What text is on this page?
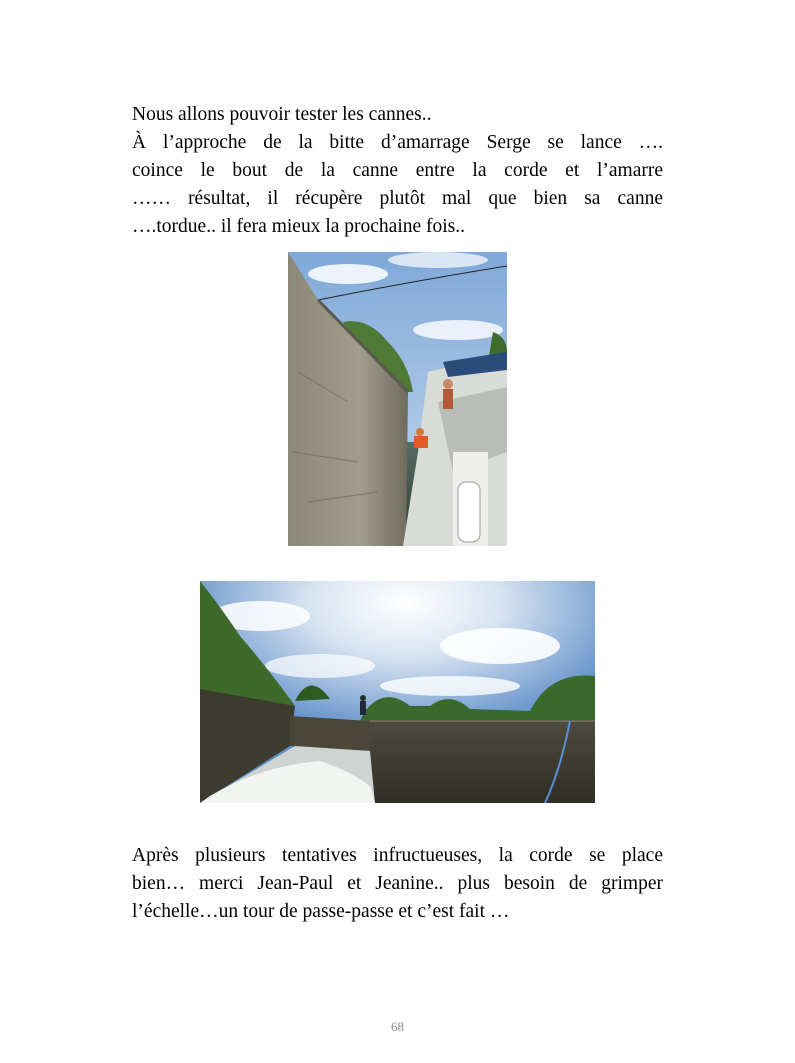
Nous allons pouvoir tester les cannes..
À l’approche de la bitte d’amarrage Serge se lance ….
coince le bout de la canne entre la corde et l’amarre
…… résultat, il récupère plutôt mal que bien sa canne
….tordue.. il fera mieux la prochaine fois..
Après plusieurs tentatives infructueuses, la corde se place
bien… merci Jean-Paul et Jeanine.. plus besoin de grimper
l’échelle…un tour de passe-passe et c’est fait …
68
